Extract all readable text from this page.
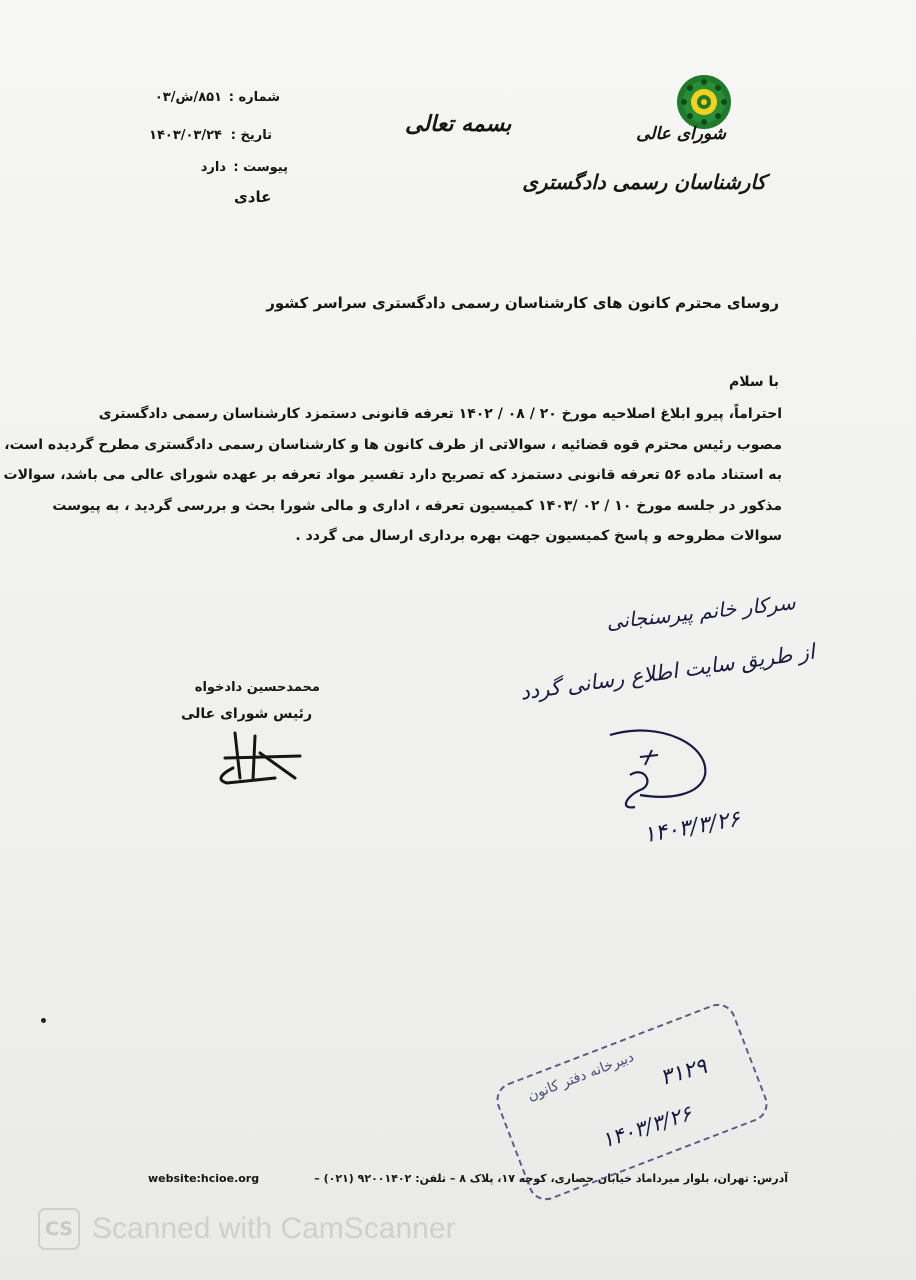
شورای عالی
کارشناسان رسمی دادگستری
بسمه تعالی
شماره :
۸۵۱/ش/۰۳
تاریخ :
۱۴۰۳/۰۳/۲۴
پیوست :
دارد
عادی
روسای محترم کانون های کارشناسان رسمی دادگستری سراسر کشور
با سلام
احتراماً، پیرو ابلاغ اصلاحیه مورخ ۲۰ / ۰۸ / ۱۴۰۲ تعرفه قانونی دستمزد کارشناسان رسمی دادگستری
مصوب رئیس محترم قوه قضائیه ، سوالاتی از طرف کانون ها و کارشناسان رسمی دادگستری مطرح گردیده است،
به استناد ماده ۵۶ تعرفه قانونی دستمزد که تصریح دارد تفسیر مواد تعرفه بر عهده شورای عالی می باشد، سوالات
مذکور در جلسه مورخ ۱۰ / ۰۲ /۱۴۰۳ کمیسیون تعرفه ، اداری و مالی شورا بحث و بررسی گردید ، به پیوست
سوالات مطروحه و پاسخ کمیسیون جهت بهره برداری ارسال می گردد .
سرکار خانم پیرسنجانی
از طریق سایت اطلاع رسانی گردد
۱۴۰۳/۳/۲۶
محمدحسین دادخواه
رئیس شورای عالی
دبیرخانه دفتر کانون ۳۱۲۹
۱۴۰۳/۳/۲۶
آدرس: تهران، بلوار میرداماد خیابان حصاری، کوچه ۱۷، پلاک ۸ – تلفن: ۹۲۰۰۱۴۰۲ (۰۲۱) –
website:hcioe.org
CS Scanned with CamScanner
